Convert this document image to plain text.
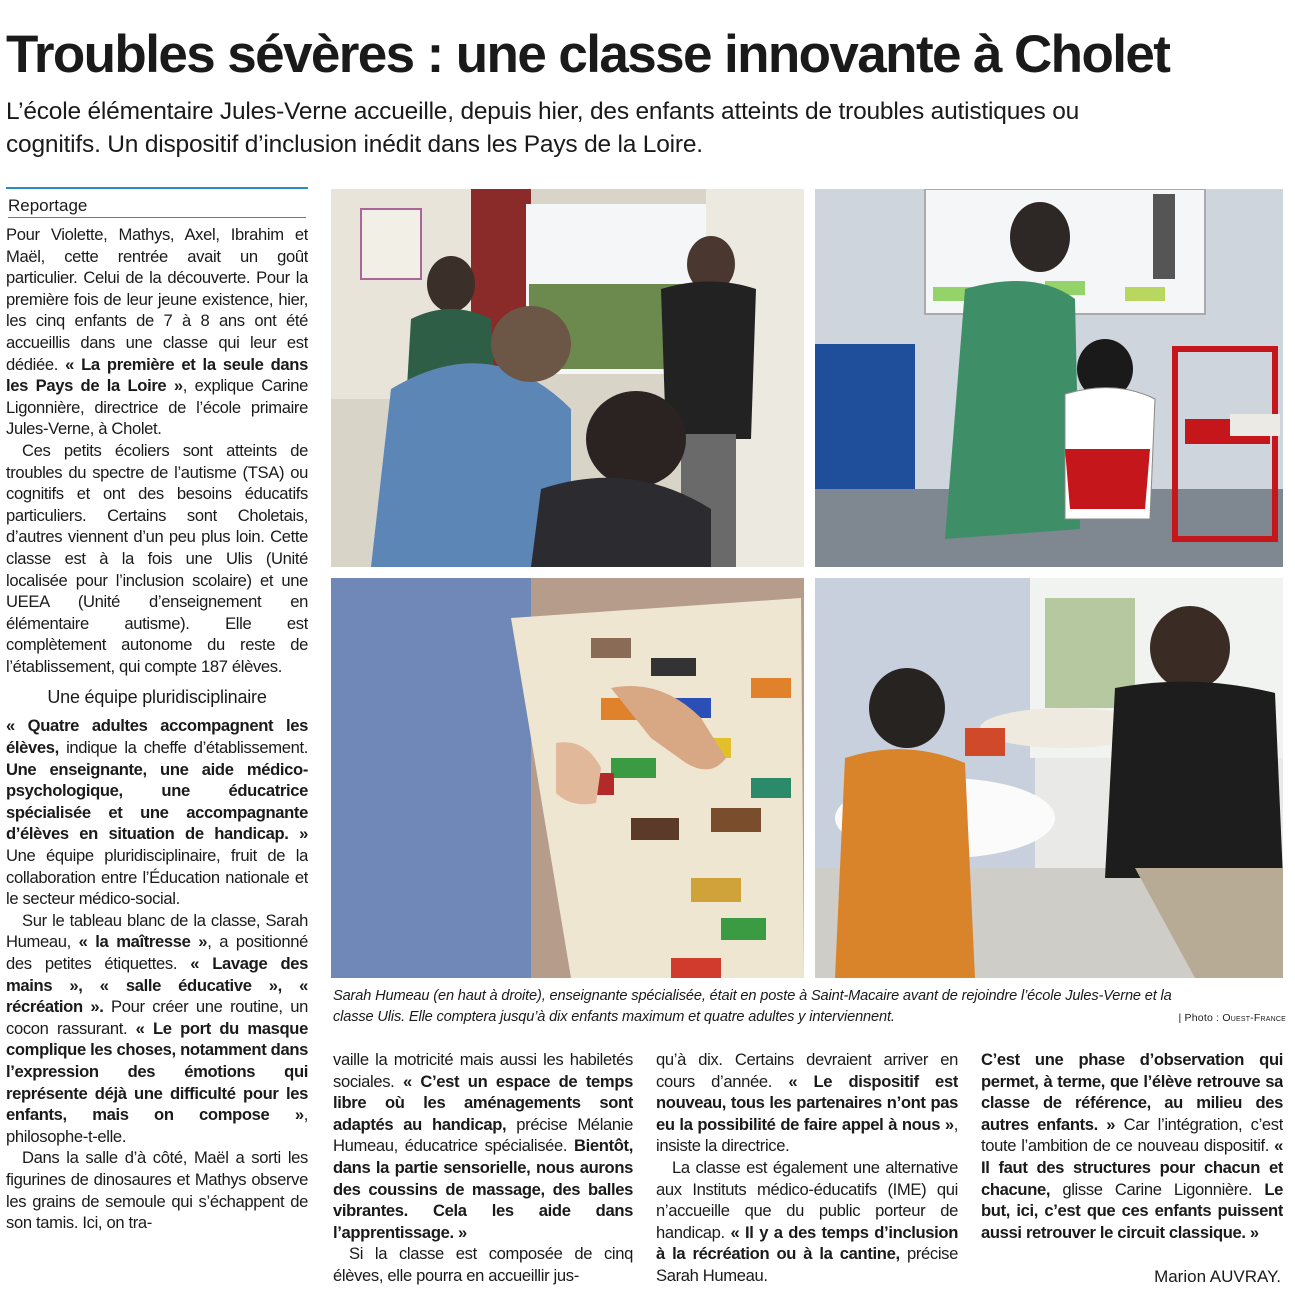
Troubles sévères : une classe innovante à Cholet
L’école élémentaire Jules-Verne accueille, depuis hier, des enfants atteints de troubles autistiques ou cognitifs. Un dispositif d’inclusion inédit dans les Pays de la Loire.
Reportage

Pour Violette, Mathys, Axel, Ibrahim et Maël, cette rentrée avait un goût particulier. Celui de la découverte. Pour la première fois de leur jeune existence, hier, les cinq enfants de 7 à 8 ans ont été accueillis dans une classe qui leur est dédiée. « La première et la seule dans les Pays de la Loire », explique Carine Ligonnière, directrice de l’école primaire Jules-Verne, à Cholet.

Ces petits écoliers sont atteints de troubles du spectre de l’autisme (TSA) ou cognitifs et ont des besoins éducatifs particuliers. Certains sont Choletais, d’autres viennent d’un peu plus loin. Cette classe est à la fois une Ulis (Unité localisée pour l’inclusion scolaire) et une UEEA (Unité d’enseignement en élémentaire autisme). Elle est complètement autonome du reste de l’établissement, qui compte 187 élèves.

Une équipe pluridisciplinaire

« Quatre adultes accompagnent les élèves, indique la cheffe d’établissement. Une enseignante, une aide médico-psychologique, une éducatrice spécialisée et une accompagnante d’élèves en situation de handicap. » Une équipe pluridisciplinaire, fruit de la collaboration entre l’Éducation nationale et le secteur médico-social.

Sur le tableau blanc de la classe, Sarah Humeau, « la maîtresse », a positionné des petites étiquettes. « Lavage des mains », « salle éducative », « récréation ». Pour créer une routine, un cocon rassurant. « Le port du masque complique les choses, notamment dans l’expression des émotions qui représente déjà une difficulté pour les enfants, mais on compose », philosophe-t-elle.

Dans la salle d’à côté, Maël a sorti les figurines de dinosaures et Mathys observe les grains de semoule qui s’échappent de son tamis. Ici, on tra-

Sarah Humeau (en haut à droite), enseignante spécialisée, était en poste à Saint-Macaire avant de rejoindre l’école Jules-Verne et la classe Ulis. Elle comptera jusqu’à dix enfants maximum et quatre adultes y interviennent.	| Photo : Ouest-France

vaille la motricité mais aussi les habiletés sociales. « C’est un espace de temps libre où les aménagements sont adaptés au handicap, précise Mélanie Humeau, éducatrice spécialisée. Bientôt, dans la partie sensorielle, nous aurons des coussins de massage, des balles vibrantes. Cela les aide dans l’apprentissage. »

Si la classe est composée de cinq élèves, elle pourra en accueillir jus-

qu’à dix. Certains devraient arriver en cours d’année. « Le dispositif est nouveau, tous les partenaires n’ont pas eu la possibilité de faire appel à nous », insiste la directrice.

La classe est également une alternative aux Instituts médico-éducatifs (IME) qui n’accueille que du public porteur de handicap. « Il y a des temps d’inclusion à la récréation ou à la cantine, précise Sarah Humeau.

C’est une phase d’observation qui permet, à terme, que l’élève retrouve sa classe de référence, au milieu des autres enfants. » Car l’intégration, c’est toute l’ambition de ce nouveau dispositif. « Il faut des structures pour chacun et chacune, glisse Carine Ligonnière. Le but, ici, c’est que ces enfants puissent aussi retrouver le circuit classique. »

Marion AUVRAY.
